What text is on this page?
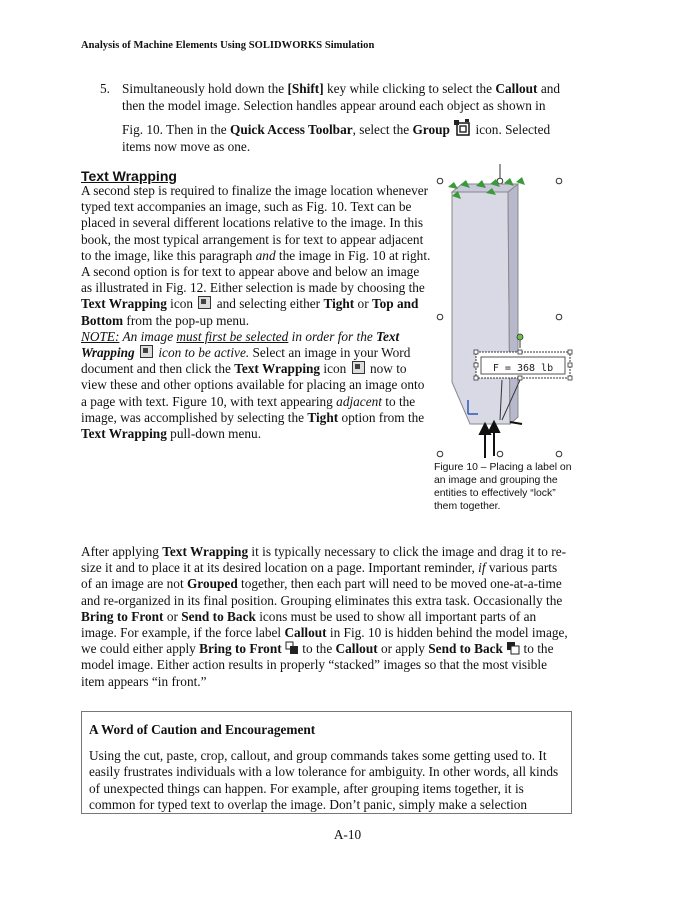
Analysis of Machine Elements Using SOLIDWORKS Simulation
5. Simultaneously hold down the [Shift] key while clicking to select the Callout and then the model image. Selection handles appear around each object as shown in

Fig. 10. Then in the Quick Access Toolbar, select the Group  icon. Selected items now move as one.

Text Wrapping

A second step is required to finalize the image location whenever typed text accompanies an image, such as Fig. 10. Text can be placed in several different locations relative to the image. In this book, the most typical arrangement is for text to appear adjacent to the image, like this paragraph and the image in Fig. 10 at right. A second option is for text to appear above and below an image as illustrated in Fig. 12. Either selection is made by choosing the Text Wrapping icon  and selecting either Tight or Top and Bottom from the pop-up menu.
NOTE: An image must first be selected in order for the Text Wrapping  icon to be active. Select an image in your Word document and then click the Text Wrapping icon  now to view these and other options available for placing an image onto a page with text. Figure 10, with text appearing adjacent to the image, was accomplished by selecting the Tight option from the Text Wrapping pull-down menu.

F = 368 lb
Figure 10 – Placing a label on an image and grouping the entities to effectively “lock” them together.

After applying Text Wrapping it is typically necessary to click the image and drag it to re-size it and to place it at its desired location on a page. Important reminder, if various parts of an image are not Grouped together, then each part will need to be moved one-at-a-time and re-organized in its final position. Grouping eliminates this extra task. Occasionally the Bring to Front or Send to Back icons must be used to show all important parts of an image. For example, if the force label Callout in Fig. 10 is hidden behind the model image, we could either apply Bring to Front  to the Callout or apply Send to Back  to the model image. Either action results in properly “stacked” images so that the most visible item appears “in front.”

A Word of Caution and Encouragement
Using the cut, paste, crop, callout, and group commands takes some getting used to. It easily frustrates individuals with a low tolerance for ambiguity. In other words, all kinds of unexpected things can happen. For example, after grouping items together, it is common for typed text to overlap the image. Don’t panic, simply make a selection
A-10
